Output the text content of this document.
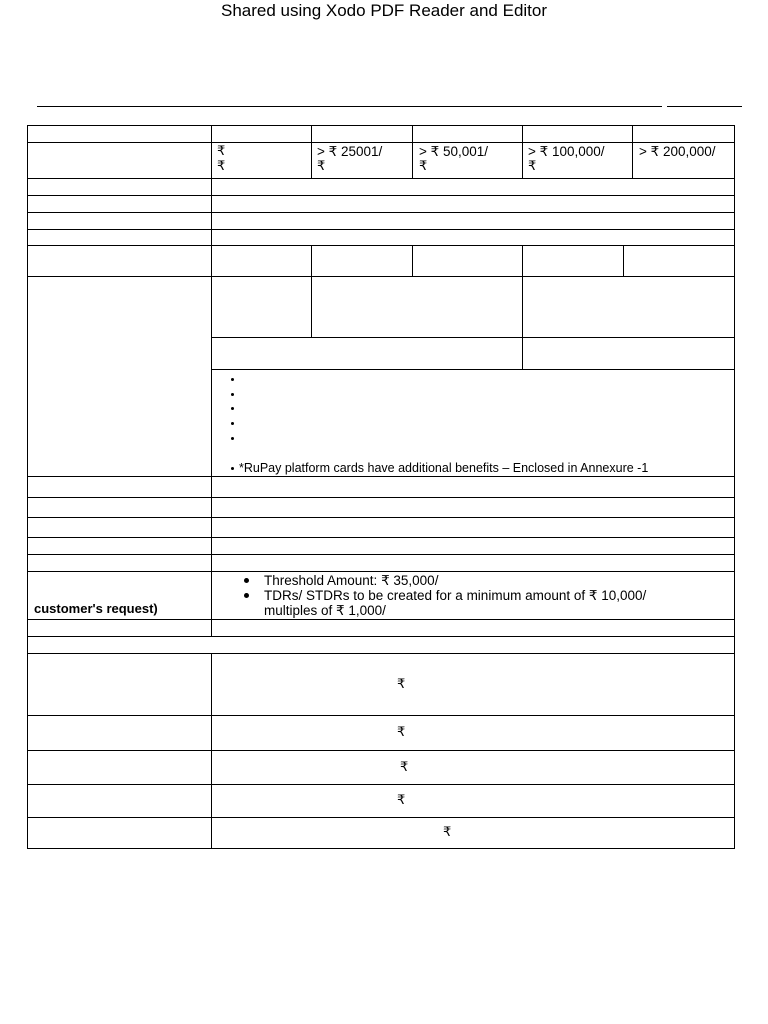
Shared using Xodo PDF Reader and Editor
₹
₹
> ₹ 25001/
₹
> ₹ 50,001/
₹
> ₹ 100,000/
₹
> ₹ 200,000/
*RuPay platform cards have additional benefits – Enclosed in Annexure -1
customer's request)
Threshold Amount: ₹ 35,000/
TDRs/ STDRs to be created for a minimum amount of ₹ 10,000/
multiples of ₹ 1,000/
₹
₹
₹
₹
₹
